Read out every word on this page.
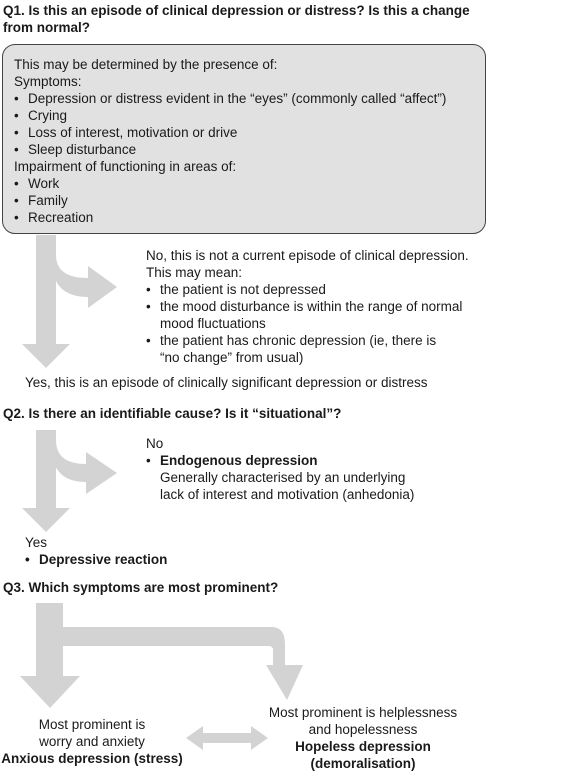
Q1. Is this an episode of clinical depression or distress? Is this a change
from normal?
This may be determined by the presence of:
Symptoms:
• Depression or distress evident in the “eyes” (commonly called “affect”)
• Crying
• Loss of interest, motivation or drive
• Sleep disturbance
Impairment of functioning in areas of:
• Work
• Family
• Recreation
No, this is not a current episode of clinical depression.
This may mean:
• the patient is not depressed
• the mood disturbance is within the range of normal
mood fluctuations
• the patient has chronic depression (ie, there is
“no change” from usual)
Yes, this is an episode of clinically significant depression or distress
Q2. Is there an identifiable cause? Is it “situational”?
No
• Endogenous depression
Generally characterised by an underlying
lack of interest and motivation (anhedonia)
Yes
• Depressive reaction
Q3. Which symptoms are most prominent?
Most prominent is
worry and anxiety
Anxious depression (stress)
Most prominent is helplessness
and hopelessness
Hopeless depression
(demoralisation)
